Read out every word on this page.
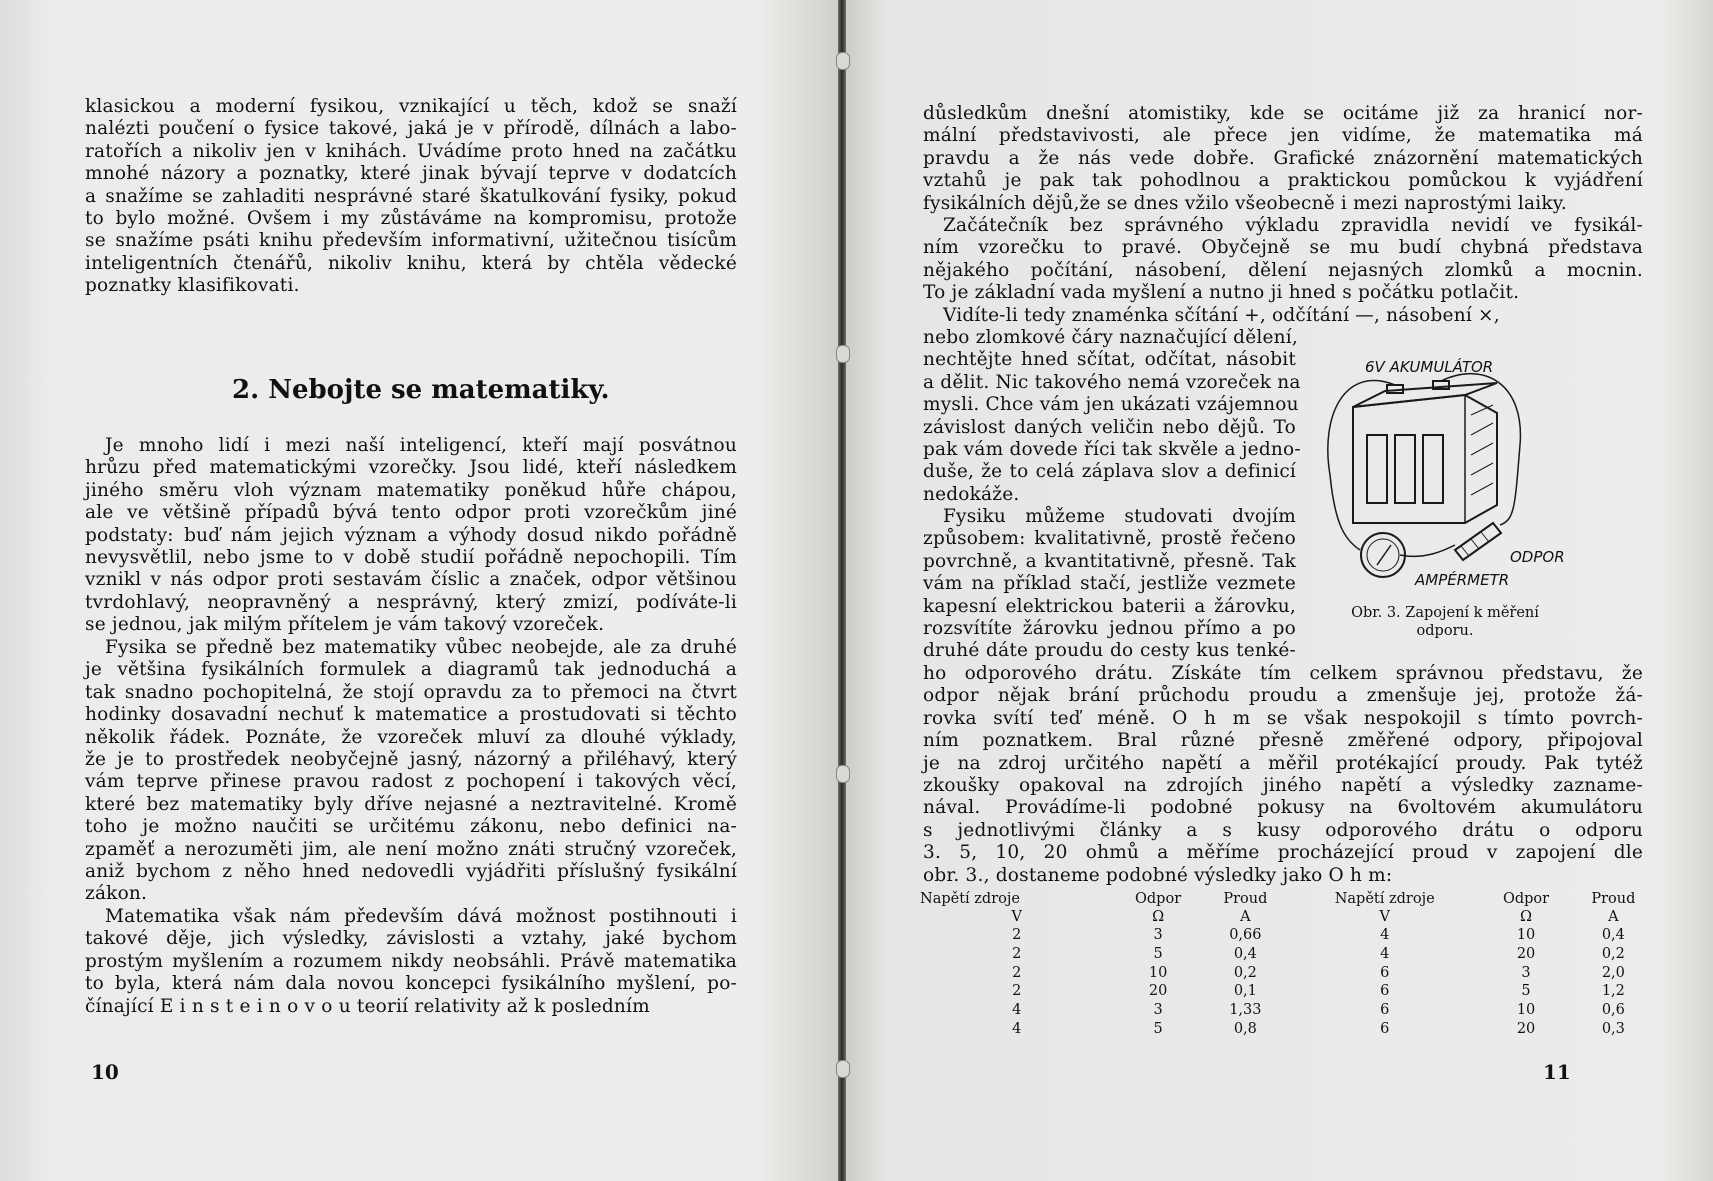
klasickou a moderní fysikou, vznikající u těch, kdož se snaží
nalézti poučení o fysice takové, jaká je v přírodě, dílnách a labo-
ratořích a nikoliv jen v knihách. Uvádíme proto hned na začátku
mnohé názory a poznatky, které jinak bývají teprve v dodatcích
a snažíme se zahladiti nesprávné staré škatulkování fysiky, pokud
to bylo možné. Ovšem i my zůstáváme na kompromisu, protože
se snažíme psáti knihu především informativní, užitečnou tisícům
inteligentních čtenářů, nikoliv knihu, která by chtěla vědecké
poznatky klasifikovati.
2. Nebojte se matematiky.
Je mnoho lidí i mezi naší inteligencí, kteří mají posvátnou
hrůzu před matematickými vzorečky. Jsou lidé, kteří následkem
jiného směru vloh význam matematiky poněkud hůře chápou,
ale ve většině případů bývá tento odpor proti vzorečkům jiné
podstaty: buď nám jejich význam a výhody dosud nikdo pořádně
nevysvětlil, nebo jsme to v době studií pořádně nepochopili. Tím
vznikl v nás odpor proti sestavám číslic a značek, odpor většinou
tvrdohlavý, neopravněný a nesprávný, který zmizí, podíváte-li
se jednou, jak milým přítelem je vám takový vzoreček.
Fysika se předně bez matematiky vůbec neobejde, ale za druhé
je většina fysikálních formulek a diagramů tak jednoduchá a
tak snadno pochopitelná, že stojí opravdu za to přemoci na čtvrt
hodinky dosavadní nechuť k matematice a prostudovati si těchto
několik řádek. Poznáte, že vzoreček mluví za dlouhé výklady,
že je to prostředek neobyčejně jasný, názorný a přiléhavý, který
vám teprve přinese pravou radost z pochopení i takových věcí,
které bez matematiky byly dříve nejasné a neztravitelné. Kromě
toho je možno naučiti se určitému zákonu, nebo definici na-
zpaměť a nerozuměti jim, ale není možno znáti stručný vzoreček,
aniž bychom z něho hned nedovedli vyjádřiti příslušný fysikální
zákon.
Matematika však nám především dává možnost postihnouti i
takové děje, jich výsledky, závislosti a vztahy, jaké bychom
prostým myšlením a rozumem nikdy neobsáhli. Právě matematika
to byla, která nám dala novou koncepci fysikálního myšlení, po-
čínající E i n s t e i n o v o u teorií relativity až k posledním
10
důsledkům dnešní atomistiky, kde se ocitáme již za hranicí nor-
mální představivosti, ale přece jen vidíme, že matematika má
pravdu a že nás vede dobře. Grafické znázornění matematických
vztahů je pak tak pohodlnou a praktickou pomůckou k vyjádření
fysikálních dějů,že se dnes vžilo všeobecně i mezi naprostými laiky.
Začátečník bez správného výkladu zpravidla nevidí ve fysikál-
ním vzorečku to pravé. Obyčejně se mu budí chybná představa
nějakého počítání, násobení, dělení nejasných zlomků a mocnin.
To je základní vada myšlení a nutno ji hned s počátku potlačit.
Vidíte-li tedy znaménka sčítání +, odčítání —, násobení ×,
nebo zlomkové čáry naznačující dělení,
nechtějte hned sčítat, odčítat, násobit
a dělit. Nic takového nemá vzoreček na
mysli. Chce vám jen ukázati vzájemnou
závislost daných veličin nebo dějů. To
pak vám dovede říci tak skvěle a jedno-
duše, že to celá záplava slov a definicí
nedokáže.
Fysiku můžeme studovati dvojím
způsobem: kvalitativně, prostě řečeno
povrchně, a kvantitativně, přesně. Tak
vám na příklad stačí, jestliže vezmete
kapesní elektrickou baterii a žárovku,
rozsvítíte žárovku jednou přímo a po
druhé dáte proudu do cesty kus tenké-
ho odporového drátu. Získáte tím celkem správnou představu, že
odpor nějak brání průchodu proudu a zmenšuje jej, protože žá-
rovka svítí teď méně. O h m se však nespokojil s tímto povrch-
ním poznatkem. Bral různé přesně změřené odpory, připojoval
je na zdroj určitého napětí a měřil protékající proudy. Pak tytéž
zkoušky opakoval na zdrojích jiného napětí a výsledky zazname-
nával. Provádíme-li podobné pokusy na 6voltovém akumulátoru
s jednotlivými články a s kusy odporového drátu o odporu
3. 5, 10, 20 ohmů a měříme procházející proud v zapojení dle
obr. 3., dostaneme podobné výsledky jako O h m:
11
6V AKUMULÁTOR
ODPOR
AMPÉRMETR
Obr. 3. Zapojení k měření
odporu.
Napětí zdroje	Odpor	Proud	Napětí zdroje	Odpor	Proud
V	Ω	A	V	Ω	A
2	3	0,66	4	10	0,4
2	5	0,4	4	20	0,2
2	10	0,2	6	3	2,0
2	20	0,1	6	5	1,2
4	3	1,33	6	10	0,6
4	5	0,8	6	20	0,3
